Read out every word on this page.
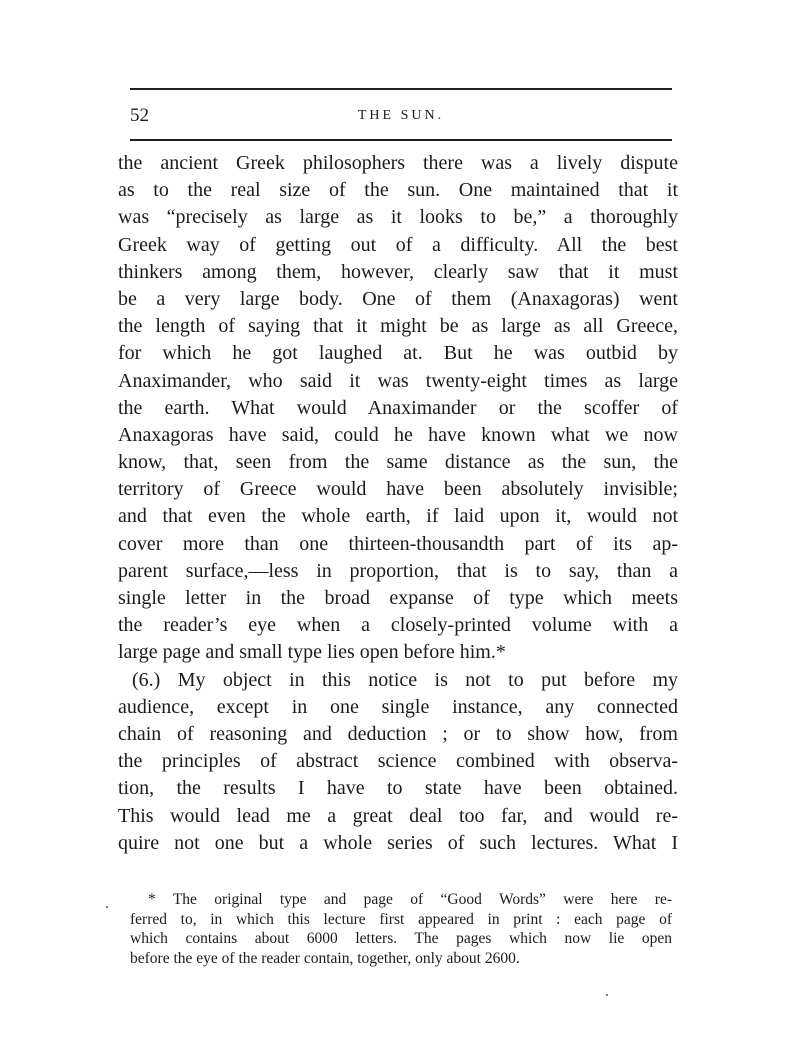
52	THE SUN.
the ancient Greek philosophers there was a lively dispute
as to the real size of the sun. One maintained that it
was “precisely as large as it looks to be,” a thoroughly
Greek way of getting out of a difficulty. All the best
thinkers among them, however, clearly saw that it must
be a very large body. One of them (Anaxagoras) went
the length of saying that it might be as large as all Greece,
for which he got laughed at. But he was outbid by
Anaximander, who said it was twenty-eight times as large
the earth. What would Anaximander or the scoffer of
Anaxagoras have said, could he have known what we now
know, that, seen from the same distance as the sun, the
territory of Greece would have been absolutely invisible;
and that even the whole earth, if laid upon it, would not
cover more than one thirteen-thousandth part of its ap-
parent surface,—less in proportion, that is to say, than a
single letter in the broad expanse of type which meets
the reader’s eye when a closely-printed volume with a
large page and small type lies open before him.*
(6.) My object in this notice is not to put before my
audience, except in one single instance, any connected
chain of reasoning and deduction ; or to show how, from
the principles of abstract science combined with observa-
tion, the results I have to state have been obtained.
This would lead me a great deal too far, and would re-
quire not one but a whole series of such lectures. What I
* The original type and page of “Good Words” were here re-
ferred to, in which this lecture first appeared in print : each page of
which contains about 6000 letters. The pages which now lie open
before the eye of the reader contain, together, only about 2600.
